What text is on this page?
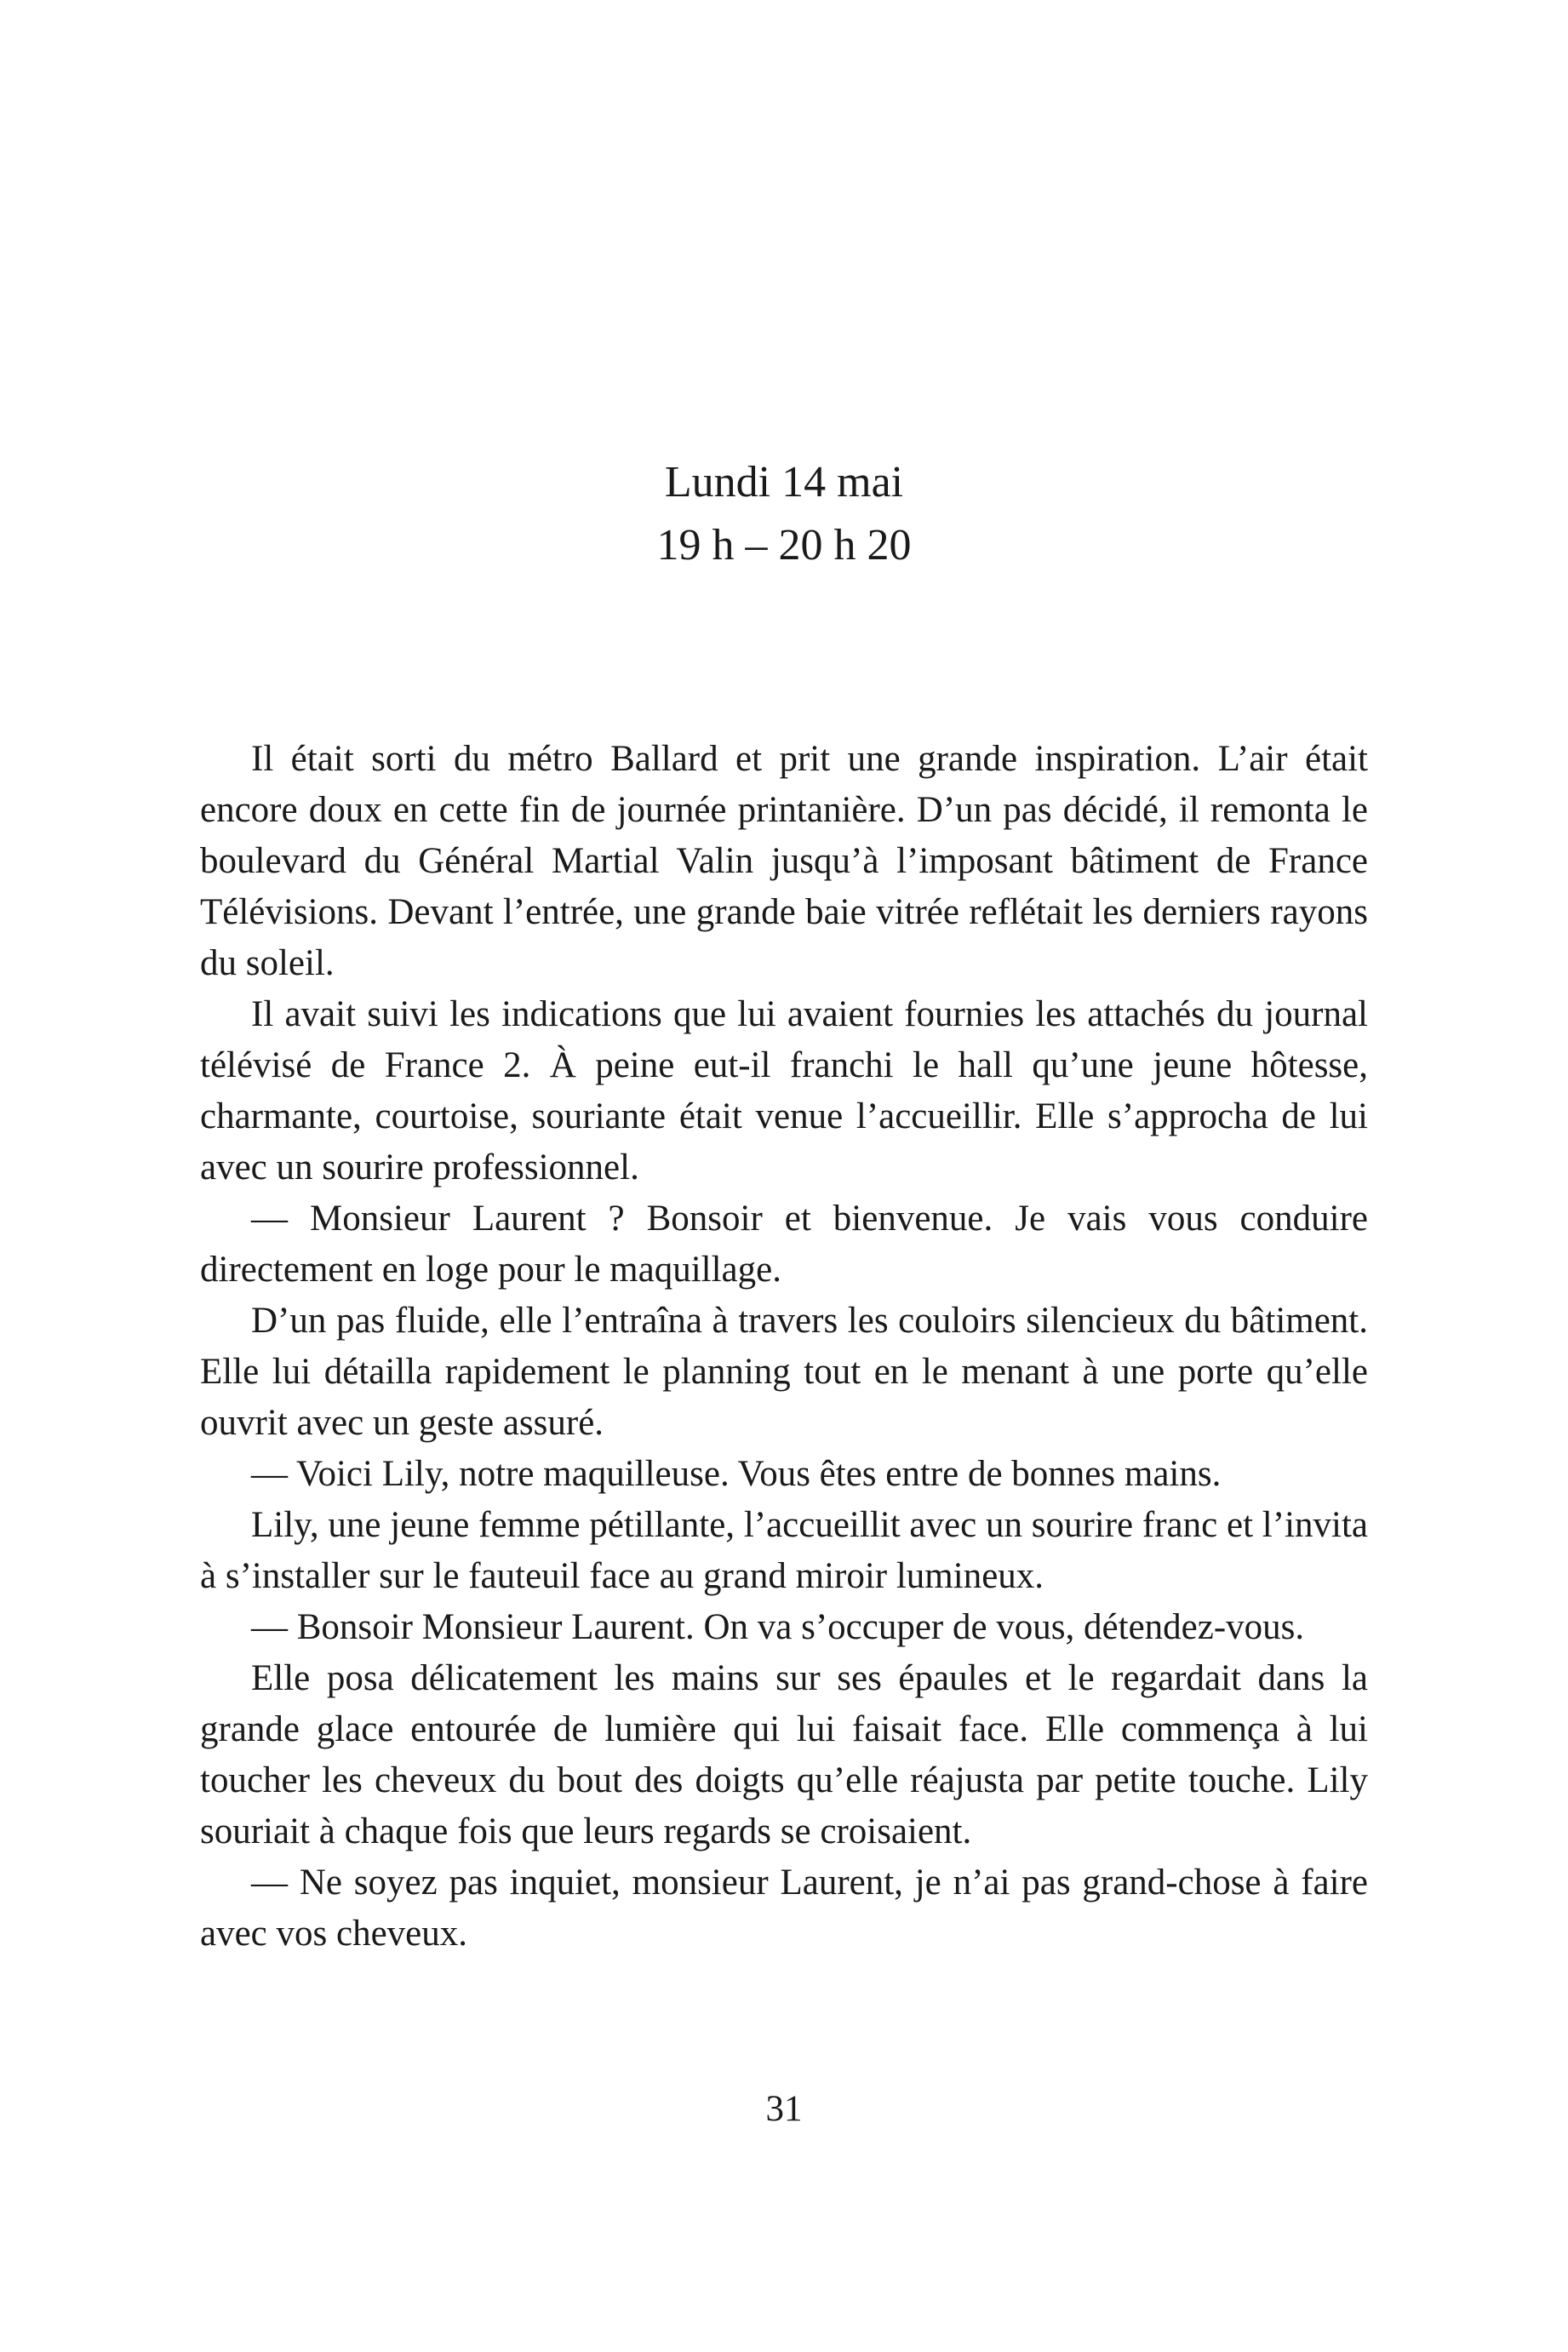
Lundi 14 mai
19 h – 20 h 20

Il était sorti du métro Ballard et prit une grande inspiration. L’air était encore doux en cette fin de journée printanière. D’un pas décidé, il remonta le boulevard du Général Martial Valin jusqu’à l’imposant bâtiment de France Télévisions. Devant l’entrée, une grande baie vitrée reflétait les derniers rayons du soleil.

Il avait suivi les indications que lui avaient fournies les attachés du journal télévisé de France 2. À peine eut-il franchi le hall qu’une jeune hôtesse, charmante, courtoise, souriante était venue l’accueillir. Elle s’approcha de lui avec un sourire professionnel.

— Monsieur Laurent ? Bonsoir et bienvenue. Je vais vous conduire directement en loge pour le maquillage.

D’un pas fluide, elle l’entraîna à travers les couloirs silencieux du bâtiment. Elle lui détailla rapidement le planning tout en le menant à une porte qu’elle ouvrit avec un geste assuré.

— Voici Lily, notre maquilleuse. Vous êtes entre de bonnes mains.

Lily, une jeune femme pétillante, l’accueillit avec un sourire franc et l’invita à s’installer sur le fauteuil face au grand miroir lumineux.

— Bonsoir Monsieur Laurent. On va s’occuper de vous, détendez-vous.

Elle posa délicatement les mains sur ses épaules et le regardait dans la grande glace entourée de lumière qui lui faisait face. Elle commença à lui toucher les cheveux du bout des doigts qu’elle réajusta par petite touche. Lily souriait à chaque fois que leurs regards se croisaient.

— Ne soyez pas inquiet, monsieur Laurent, je n’ai pas grand-chose à faire avec vos cheveux.

31
